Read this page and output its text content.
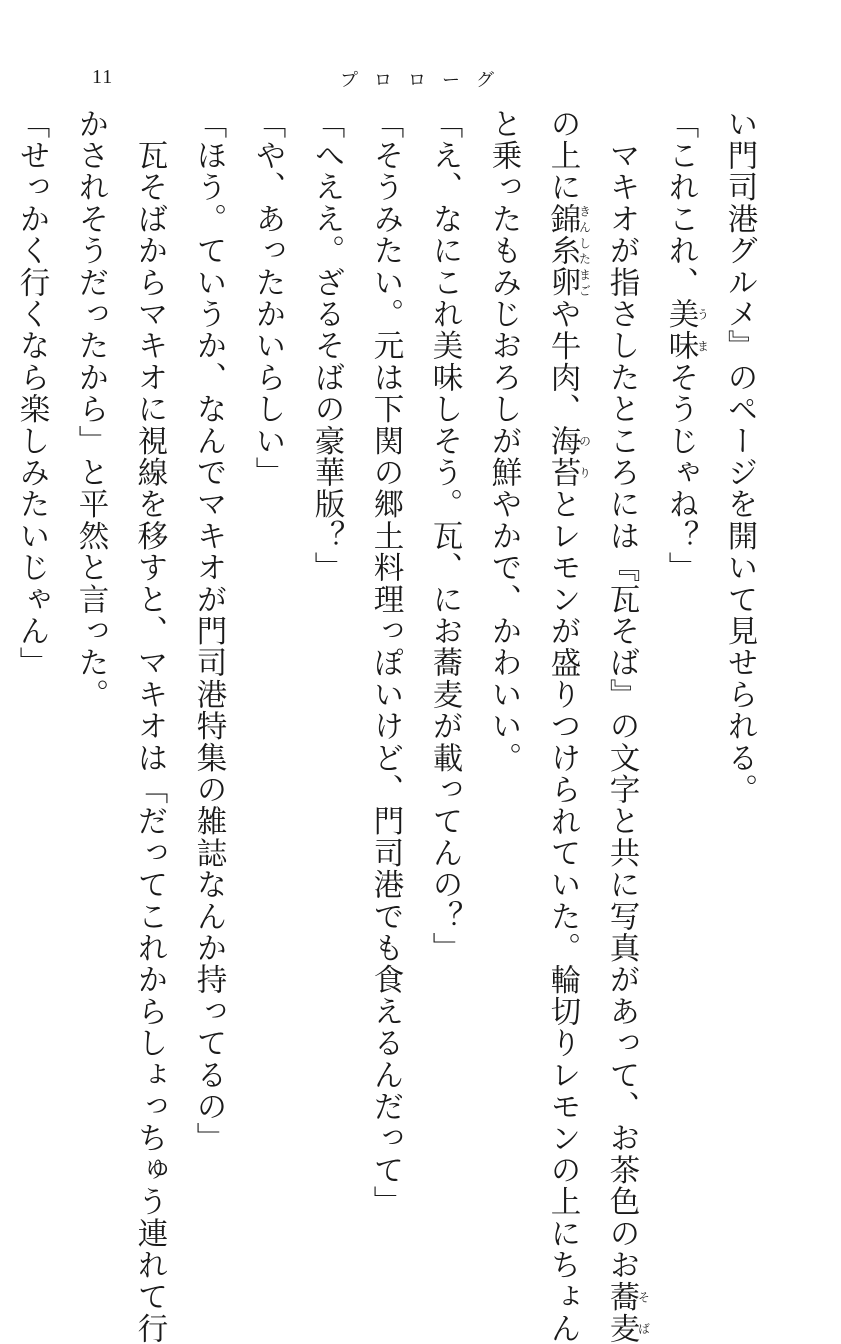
11	プロローグ
い門司港グルメ』のページを開いて見せられる。
「これこれ、美味うまそうじゃね？」
　マキオが指さしたところには『瓦そば』の文字と共に写真があって、お茶色のお蕎麦そば
の上に錦糸卵きんしたまごや牛肉、海苔のりとレモンが盛りつけられていた。輪切りレモンの上にちょん
と乗ったもみじおろしが鮮やかで、かわいい。
「え、なにこれ美味しそう。瓦、にお蕎麦が載ってんの？」
「そうみたい。元は下関の郷土料理っぽいけど、門司港でも食えるんだって」
「へええ。ざるそばの豪華版？」
「や、あったかいらしい」
「ほう。ていうか、なんでマキオが門司港特集の雑誌なんか持ってるの」
　瓦そばからマキオに視線を移すと、マキオは「だってこれからしょっちゅう連れて行
かされそうだったから」と平然と言った。
「せっかく行くなら楽しみたいじゃん」
